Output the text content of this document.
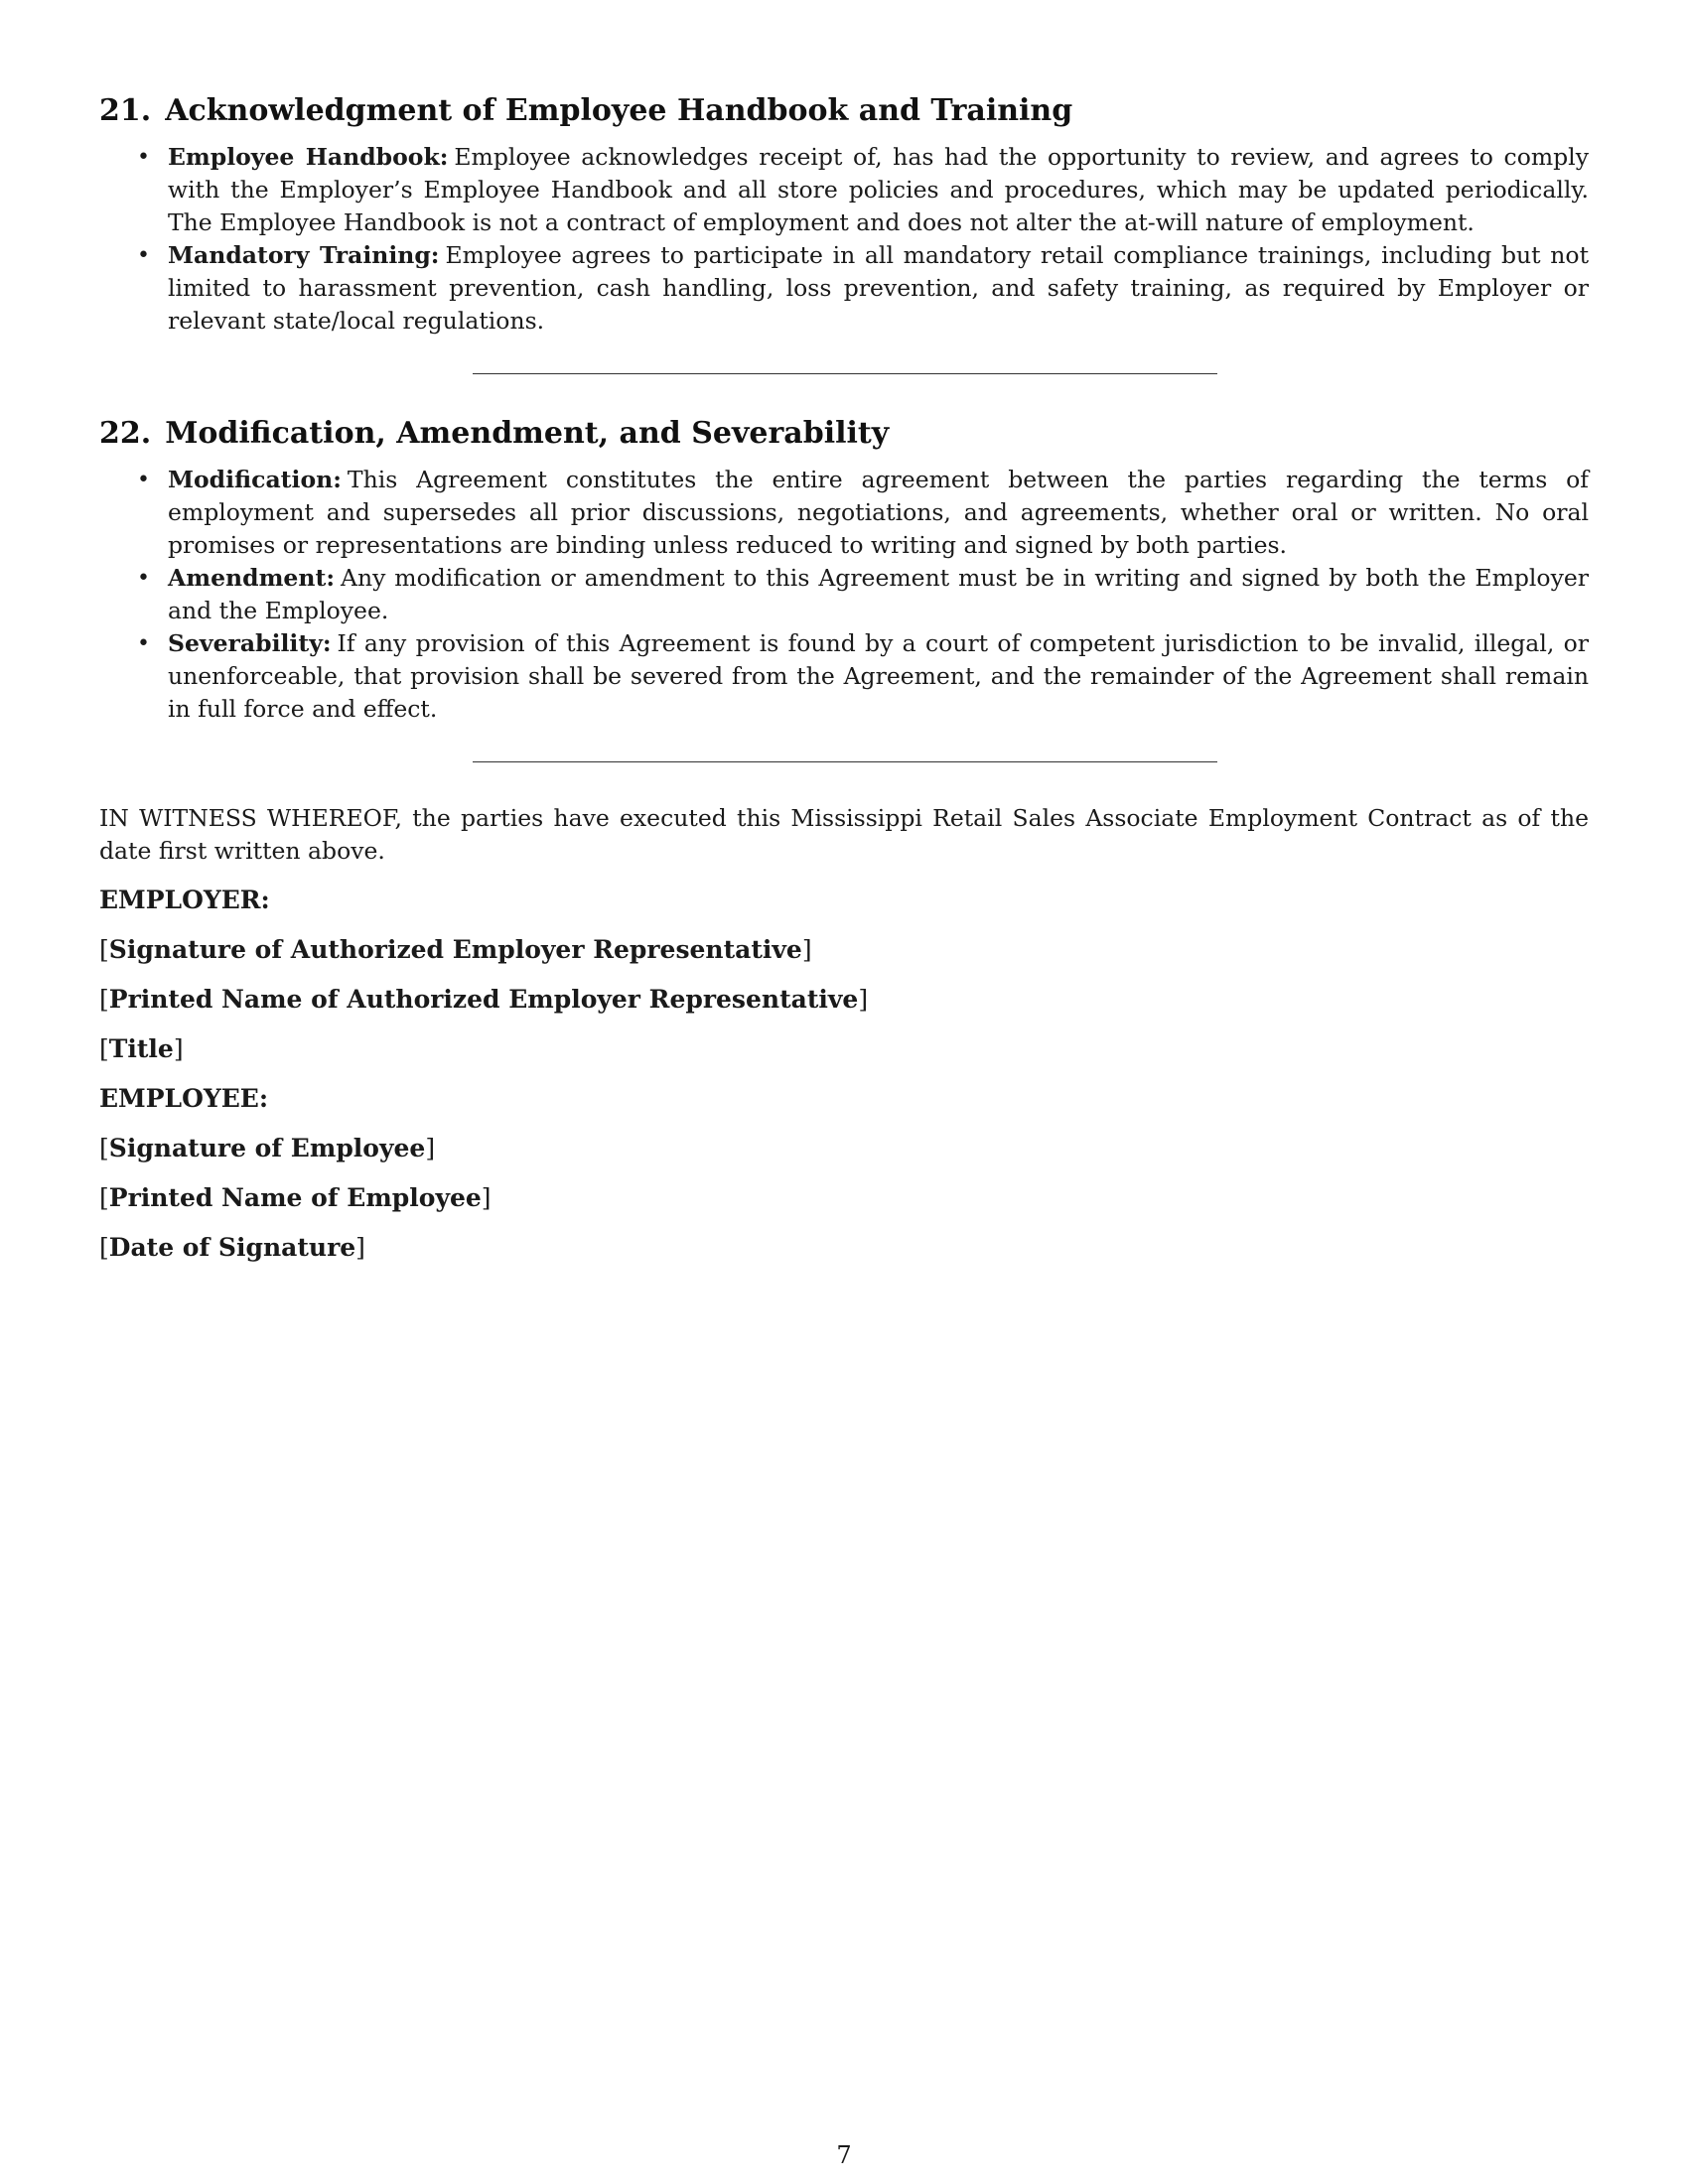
21. Acknowledgment of Employee Handbook and Training
• Employee Handbook: Employee acknowledges receipt of, has had the opportunity to review, and agrees to comply with the Employer’s Employee Handbook and all store policies and procedures, which may be updated periodically. The Employee Handbook is not a contract of employment and does not alter the at-will nature of employment.
• Mandatory Training: Employee agrees to participate in all mandatory retail compliance trainings, including but not limited to harassment prevention, cash handling, loss prevention, and safety training, as required by Employer or relevant state/local regulations.
22. Modification, Amendment, and Severability
• Modification: This Agreement constitutes the entire agreement between the parties regarding the terms of employment and supersedes all prior discussions, negotiations, and agreements, whether oral or written. No oral promises or representations are binding unless reduced to writing and signed by both parties.
• Amendment: Any modification or amendment to this Agreement must be in writing and signed by both the Employer and the Employee.
• Severability: If any provision of this Agreement is found by a court of competent jurisdiction to be invalid, illegal, or unenforceable, that provision shall be severed from the Agreement, and the remainder of the Agreement shall remain in full force and effect.

IN WITNESS WHEREOF, the parties have executed this Mississippi Retail Sales Associate Employment Contract as of the date first written above.

EMPLOYER:
[Signature of Authorized Employer Representative]
[Printed Name of Authorized Employer Representative]
[Title]
EMPLOYEE:
[Signature of Employee]
[Printed Name of Employee]
[Date of Signature]
7
